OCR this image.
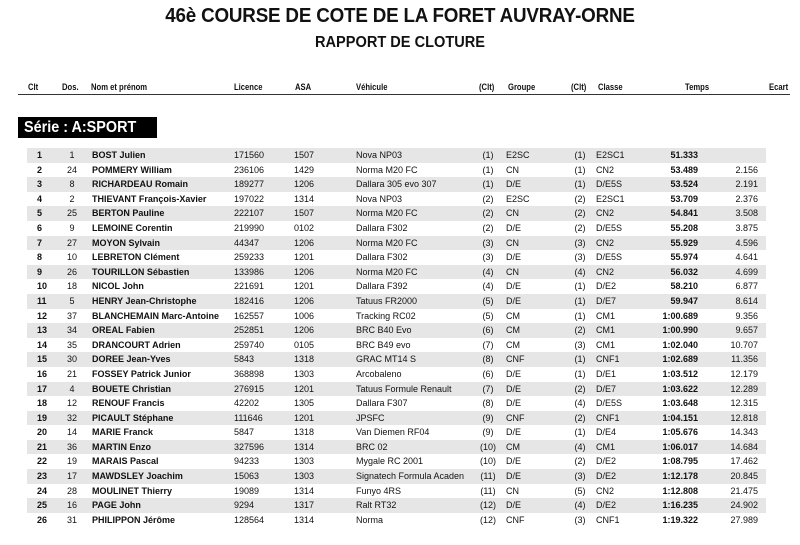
46è COURSE DE COTE DE LA FORET AUVRAY-ORNE
RAPPORT DE CLOTURE
Clt	Dos. Nom et prénom	Licence	ASA	Véhicule	(Clt) Groupe	(Clt) Classe	Temps	Ecart
Série : A:SPORT
1	1	BOST Julien	171560	1507	Nova NP03	(1)	E2SC	(1) E2SC1	51.333
2	24	POMMERY William	236106	1429	Norma M20 FC	(1)	CN	(1) CN2	53.489	2.156
3	8	RICHARDEAU Romain	189277	1206	Dallara 305 evo 307	(1)	D/E	(1) D/E5S	53.524	2.191
4	2	THIEVANT François-Xavier	197022	1314	Nova NP03	(2)	E2SC	(2) E2SC1	53.709	2.376
5	25	BERTON Pauline	222107	1507	Norma M20 FC	(2)	CN	(2) CN2	54.841	3.508
6	9	LEMOINE Corentin	219990	0102	Dallara F302	(2)	D/E	(2) D/E5S	55.208	3.875
7	27	MOYON Sylvain	44347	1206	Norma M20 FC	(3)	CN	(3) CN2	55.929	4.596
8	10	LEBRETON Clément	259233	1201	Dallara F302	(3)	D/E	(3) D/E5S	55.974	4.641
9	26	TOURILLON Sébastien	133986	1206	Norma M20 FC	(4)	CN	(4) CN2	56.032	4.699
10	18	NICOL John	221691	1201	Dallara F392	(4)	D/E	(1) D/E2	58.210	6.877
11	5	HENRY Jean-Christophe	182416	1206	Tatuus FR2000	(5)	D/E	(1) D/E7	59.947	8.614
12	37	BLANCHEMAIN Marc-Antoine 162557	1006	Tracking RC02	(5)	CM	(1) CM1	1:00.689	9.356
13	34	OREAL Fabien	252851	1206	BRC B40 Evo	(6)	CM	(2) CM1	1:00.990	9.657
14	35	DRANCOURT Adrien	259740	0105	BRC B49 evo	(7)	CM	(3) CM1	1:02.040	10.707
15	30	DOREE Jean-Yves	5843	1318	GRAC MT14 S	(8)	CNF	(1) CNF1	1:02.689	11.356
16	21	FOSSEY Patrick Junior	368898	1303	Arcobaleno	(6)	D/E	(1) D/E1	1:03.512	12.179
17	4	BOUETE Christian	276915	1201	Tatuus Formule Renault	(7)	D/E	(2) D/E7	1:03.622	12.289
18	12	RENOUF Francis	42202	1305	Dallara F307	(8)	D/E	(4) D/E5S	1:03.648	12.315
19	32	PICAULT Stéphane	111646	1201	JPSFC	(9)	CNF	(2) CNF1	1:04.151	12.818
20	14	MARIE Franck	5847	1318	Van Diemen RF04	(9)	D/E	(1) D/E4	1:05.676	14.343
21	36	MARTIN Enzo	327596	1314	BRC 02	(10)	CM	(4) CM1	1:06.017	14.684
22	19	MARAIS Pascal	94233	1303	Mygale RC 2001	(10)	D/E	(2) D/E2	1:08.795	17.462
23	17	MAWDSLEY Joachim	15063	1303	Signatech Formula Acaden	(11)	D/E	(3) D/E2	1:12.178	20.845
24	28	MOULINET Thierry	19089	1314	Funyo 4RS	(11)	CN	(5) CN2	1:12.808	21.475
25	16	PAGE John	9294	1317	Ralt RT32	(12)	D/E	(4) D/E2	1:16.235	24.902
26	31	PHILIPPON Jérôme	128564	1314	Norma	(12)	CNF	(3) CNF1	1:19.322	27.989
